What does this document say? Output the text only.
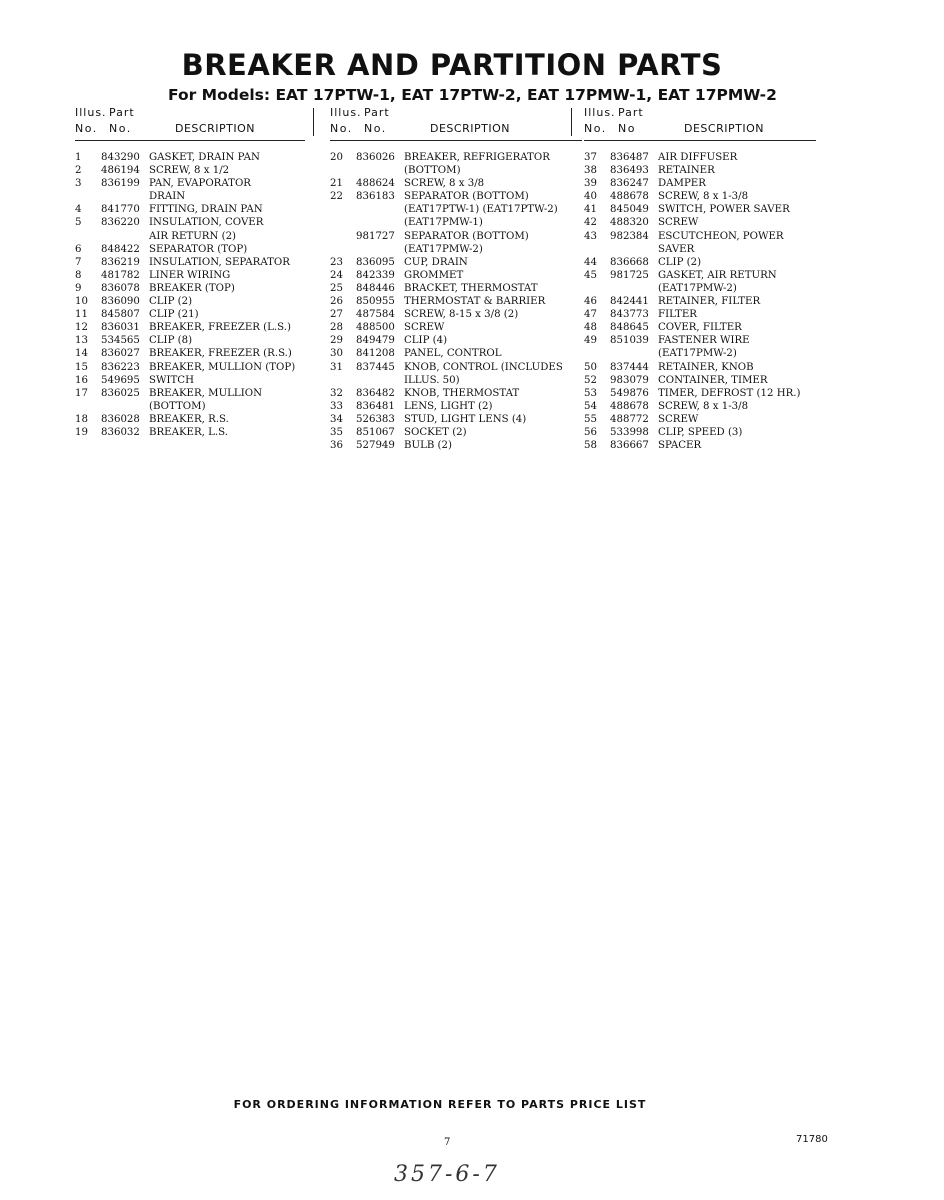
BREAKER AND PARTITION PARTS
For Models: EAT 17PTW-1, EAT 17PTW-2, EAT 17PMW-1, EAT 17PMW-2
Illus. Part
No. No.	DESCRIPTION
1	843290 GASKET, DRAIN PAN
2	486194 SCREW, 8 x 1/2
3	836199 PAN, EVAPORATOR
DRAIN
4	841770 FITTING, DRAIN PAN
5	836220 INSULATION, COVER
AIR RETURN (2)
6	848422 SEPARATOR (TOP)
7	836219 INSULATION, SEPARATOR
8	481782 LINER WIRING
9	836078 BREAKER (TOP)
10	836090 CLIP (2)
11	845807 CLIP (21)
12	836031 BREAKER, FREEZER (L.S.)
13	534565 CLIP (8)
14	836027 BREAKER, FREEZER (R.S.)
15	836223 BREAKER, MULLION (TOP)
16	549695 SWITCH
17	836025 BREAKER, MULLION
(BOTTOM)
18	836028 BREAKER, R.S.
19	836032 BREAKER, L.S.
Illus. Part
No. No.	DESCRIPTION
20	836026 BREAKER, REFRIGERATOR
(BOTTOM)
21	488624 SCREW, 8 x 3/8
22	836183 SEPARATOR (BOTTOM)
(EAT17PTW-1) (EAT17PTW-2)
(EAT17PMW-1)
981727 SEPARATOR (BOTTOM)
(EAT17PMW-2)
23	836095 CUP, DRAIN
24	842339 GROMMET
25	848446 BRACKET, THERMOSTAT
26	850955 THERMOSTAT & BARRIER
27	487584 SCREW, 8-15 x 3/8 (2)
28	488500 SCREW
29	849479 CLIP (4)
30	841208 PANEL, CONTROL
31	837445 KNOB, CONTROL (INCLUDES
ILLUS. 50)
32	836482 KNOB, THERMOSTAT
33	836481 LENS, LIGHT (2)
34	526383 STUD, LIGHT LENS (4)
35	851067 SOCKET (2)
36	527949 BULB (2)
Illus. Part
No. No	DESCRIPTION
37	836487 AIR DIFFUSER
38	836493 RETAINER
39	836247 DAMPER
40	488678 SCREW, 8 x 1-3/8
41	845049 SWITCH, POWER SAVER
42	488320 SCREW
43	982384 ESCUTCHEON, POWER
SAVER
44	836668 CLIP (2)
45	981725 GASKET, AIR RETURN
(EAT17PMW-2)
46	842441 RETAINER, FILTER
47	843773 FILTER
48	848645 COVER, FILTER
49	851039 FASTENER WIRE
(EAT17PMW-2)
50	837444 RETAINER, KNOB
52	983079 CONTAINER, TIMER
53	549876 TIMER, DEFROST (12 HR.)
54	488678 SCREW, 8 x 1-3/8
55	488772 SCREW
56	533998 CLIP, SPEED (3)
58	836667 SPACER
FOR ORDERING INFORMATION REFER TO PARTS PRICE LIST
7	71780
357-6-7
